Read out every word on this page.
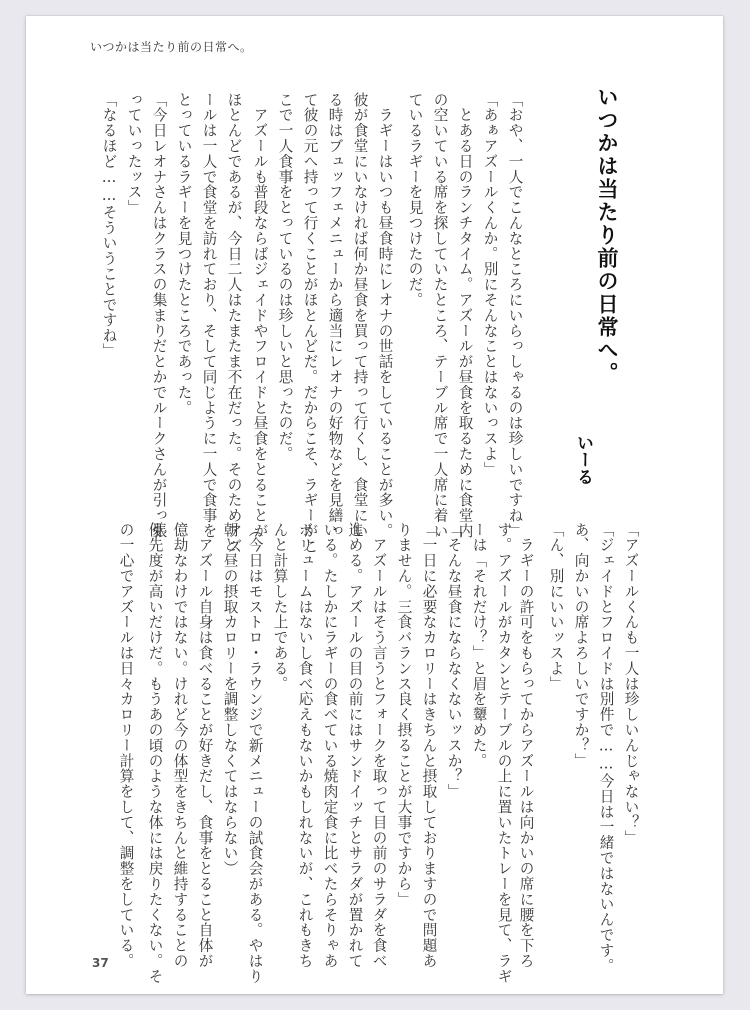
いつかは当たり前の日常へ。
いつかは当たり前の日常へ。
いーる
「おや、一人でこんなところにいらっしゃるのは珍しいですね」
「あぁアズールくんか。別にそんなことはないっスよ」
　とある日のランチタイム。アズールが昼食を取るために食堂内
の空いている席を探していたところ、テーブル席で一人席に着い
ているラギーを見つけたのだ。
　ラギーはいつも昼食時にレオナの世話をしていることが多い。
彼が食堂にいなければ何か昼食を買って持って行くし、食堂にい
る時はブュッフェメニューから適当にレオナの好物などを見繕っ
て彼の元へ持って行くことがほとんどだ。だからこそ、ラギーがこ
こで一人食事をとっているのは珍しいと思ったのだ。
　アズールも普段ならばジェイドやフロイドと昼食をとることが
ほとんどであるが、今日二人はたまたま不在だった。そのためアズ
ールは一人で食堂を訪れており、そして同じように一人で食事を
とっているラギーを見つけたところであった。
「今日レオナさんはクラスの集まりだとかでルークさんが引っ張
っていったッス」
「なるほど……そういうことですね」
「アズールくんも一人は珍しいんじゃない？」
「ジェイドとフロイドは別件で……今日は一緒ではないんです。
あ、向かいの席よろしいですか？」
「ん、別にいいッスよ」
　ラギーの許可をもらってからアズールは向かいの席に腰を下ろ
す。アズールがカタンとテーブルの上に置いたトレーを見て、ラギ
ーは「それだけ？」と眉を顰めた。
「そんな昼食にならなくないッスか？」
「一日に必要なカロリーはきちんと摂取しておりますので問題あ
りません。三食バランス良く摂ることが大事ですから」
　アズールはそう言うとフォークを取って目の前のサラダを食べ
進める。アズールの目の前にはサンドイッチとサラダが置かれて
いる。たしかにラギーの食べている焼肉定食に比べたらそりゃあ
ボリュームはないし食べ応えもないかもしれないが、これもきち
んと計算した上である。
（今日はモストロ・ラウンジで新メニューの試食会がある。やはり
朝と昼の摂取カロリーを調整しなくてはならない）
　アズール自身は食べることが好きだし、食事をとること自体が
億劫なわけではない。けれど今の体型をきちんと維持することの
優先度が高いだけだ。もうあの頃のような体には戻りたくない。そ
の一心でアズールは日々カロリー計算をして、調整をしている。
37
